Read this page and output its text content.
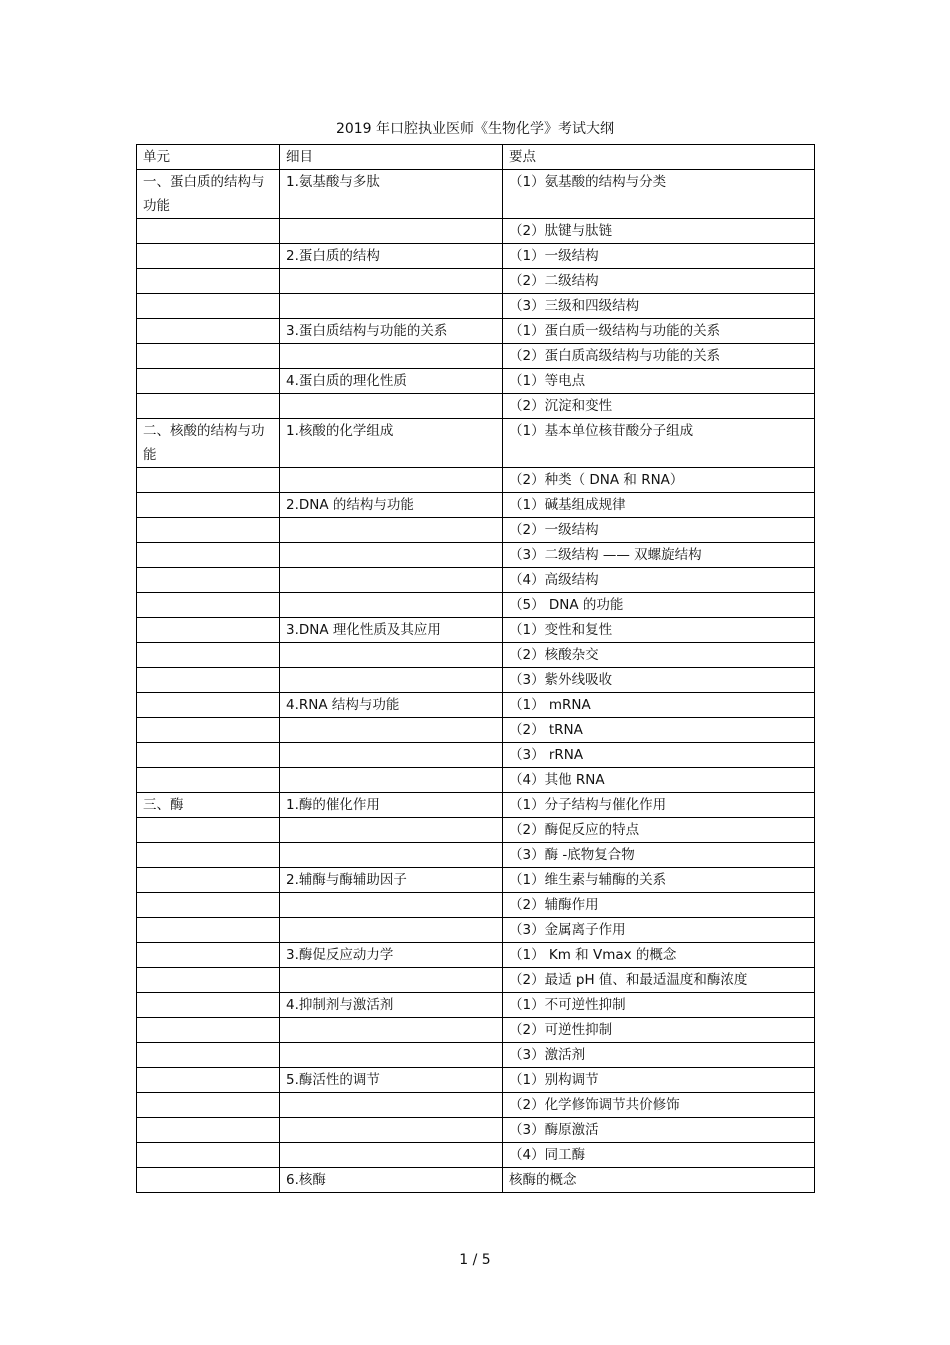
2019 年口腔执业医师《生物化学》考试大纲
单元	细目	要点
一、蛋白质的结构与功能	1.氨基酸与多肽	（1）氨基酸的结构与分类
		（2）肽键与肽链
	2.蛋白质的结构	（1）一级结构
		（2）二级结构
		（3）三级和四级结构
	3.蛋白质结构与功能的关系	（1）蛋白质一级结构与功能的关系
		（2）蛋白质高级结构与功能的关系
	4.蛋白质的理化性质	（1）等电点
		（2）沉淀和变性
二、核酸的结构与功能	1.核酸的化学组成	（1）基本单位核苷酸分子组成
		（2）种类（ DNA 和 RNA）
	2.DNA 的结构与功能	（1）碱基组成规律
		（2）一级结构
		（3）二级结构 —— 双螺旋结构
		（4）高级结构
		（5） DNA 的功能
	3.DNA 理化性质及其应用	（1）变性和复性
		（2）核酸杂交
		（3）紫外线吸收
	4.RNA 结构与功能	（1） mRNA
		（2） tRNA
		（3） rRNA
		（4）其他 RNA
三、酶	1.酶的催化作用	（1）分子结构与催化作用
		（2）酶促反应的特点
		（3）酶 -底物复合物
	2.辅酶与酶辅助因子	（1）维生素与辅酶的关系
		（2）辅酶作用
		（3）金属离子作用
	3.酶促反应动力学	（1） Km 和 Vmax 的概念
		（2）最适 pH 值、和最适温度和酶浓度
	4.抑制剂与激活剂	（1）不可逆性抑制
		（2）可逆性抑制
		（3）激活剂
	5.酶活性的调节	（1）别构调节
		（2）化学修饰调节共价修饰
		（3）酶原激活
		（4）同工酶
	6.核酶	核酶的概念
1 / 5
